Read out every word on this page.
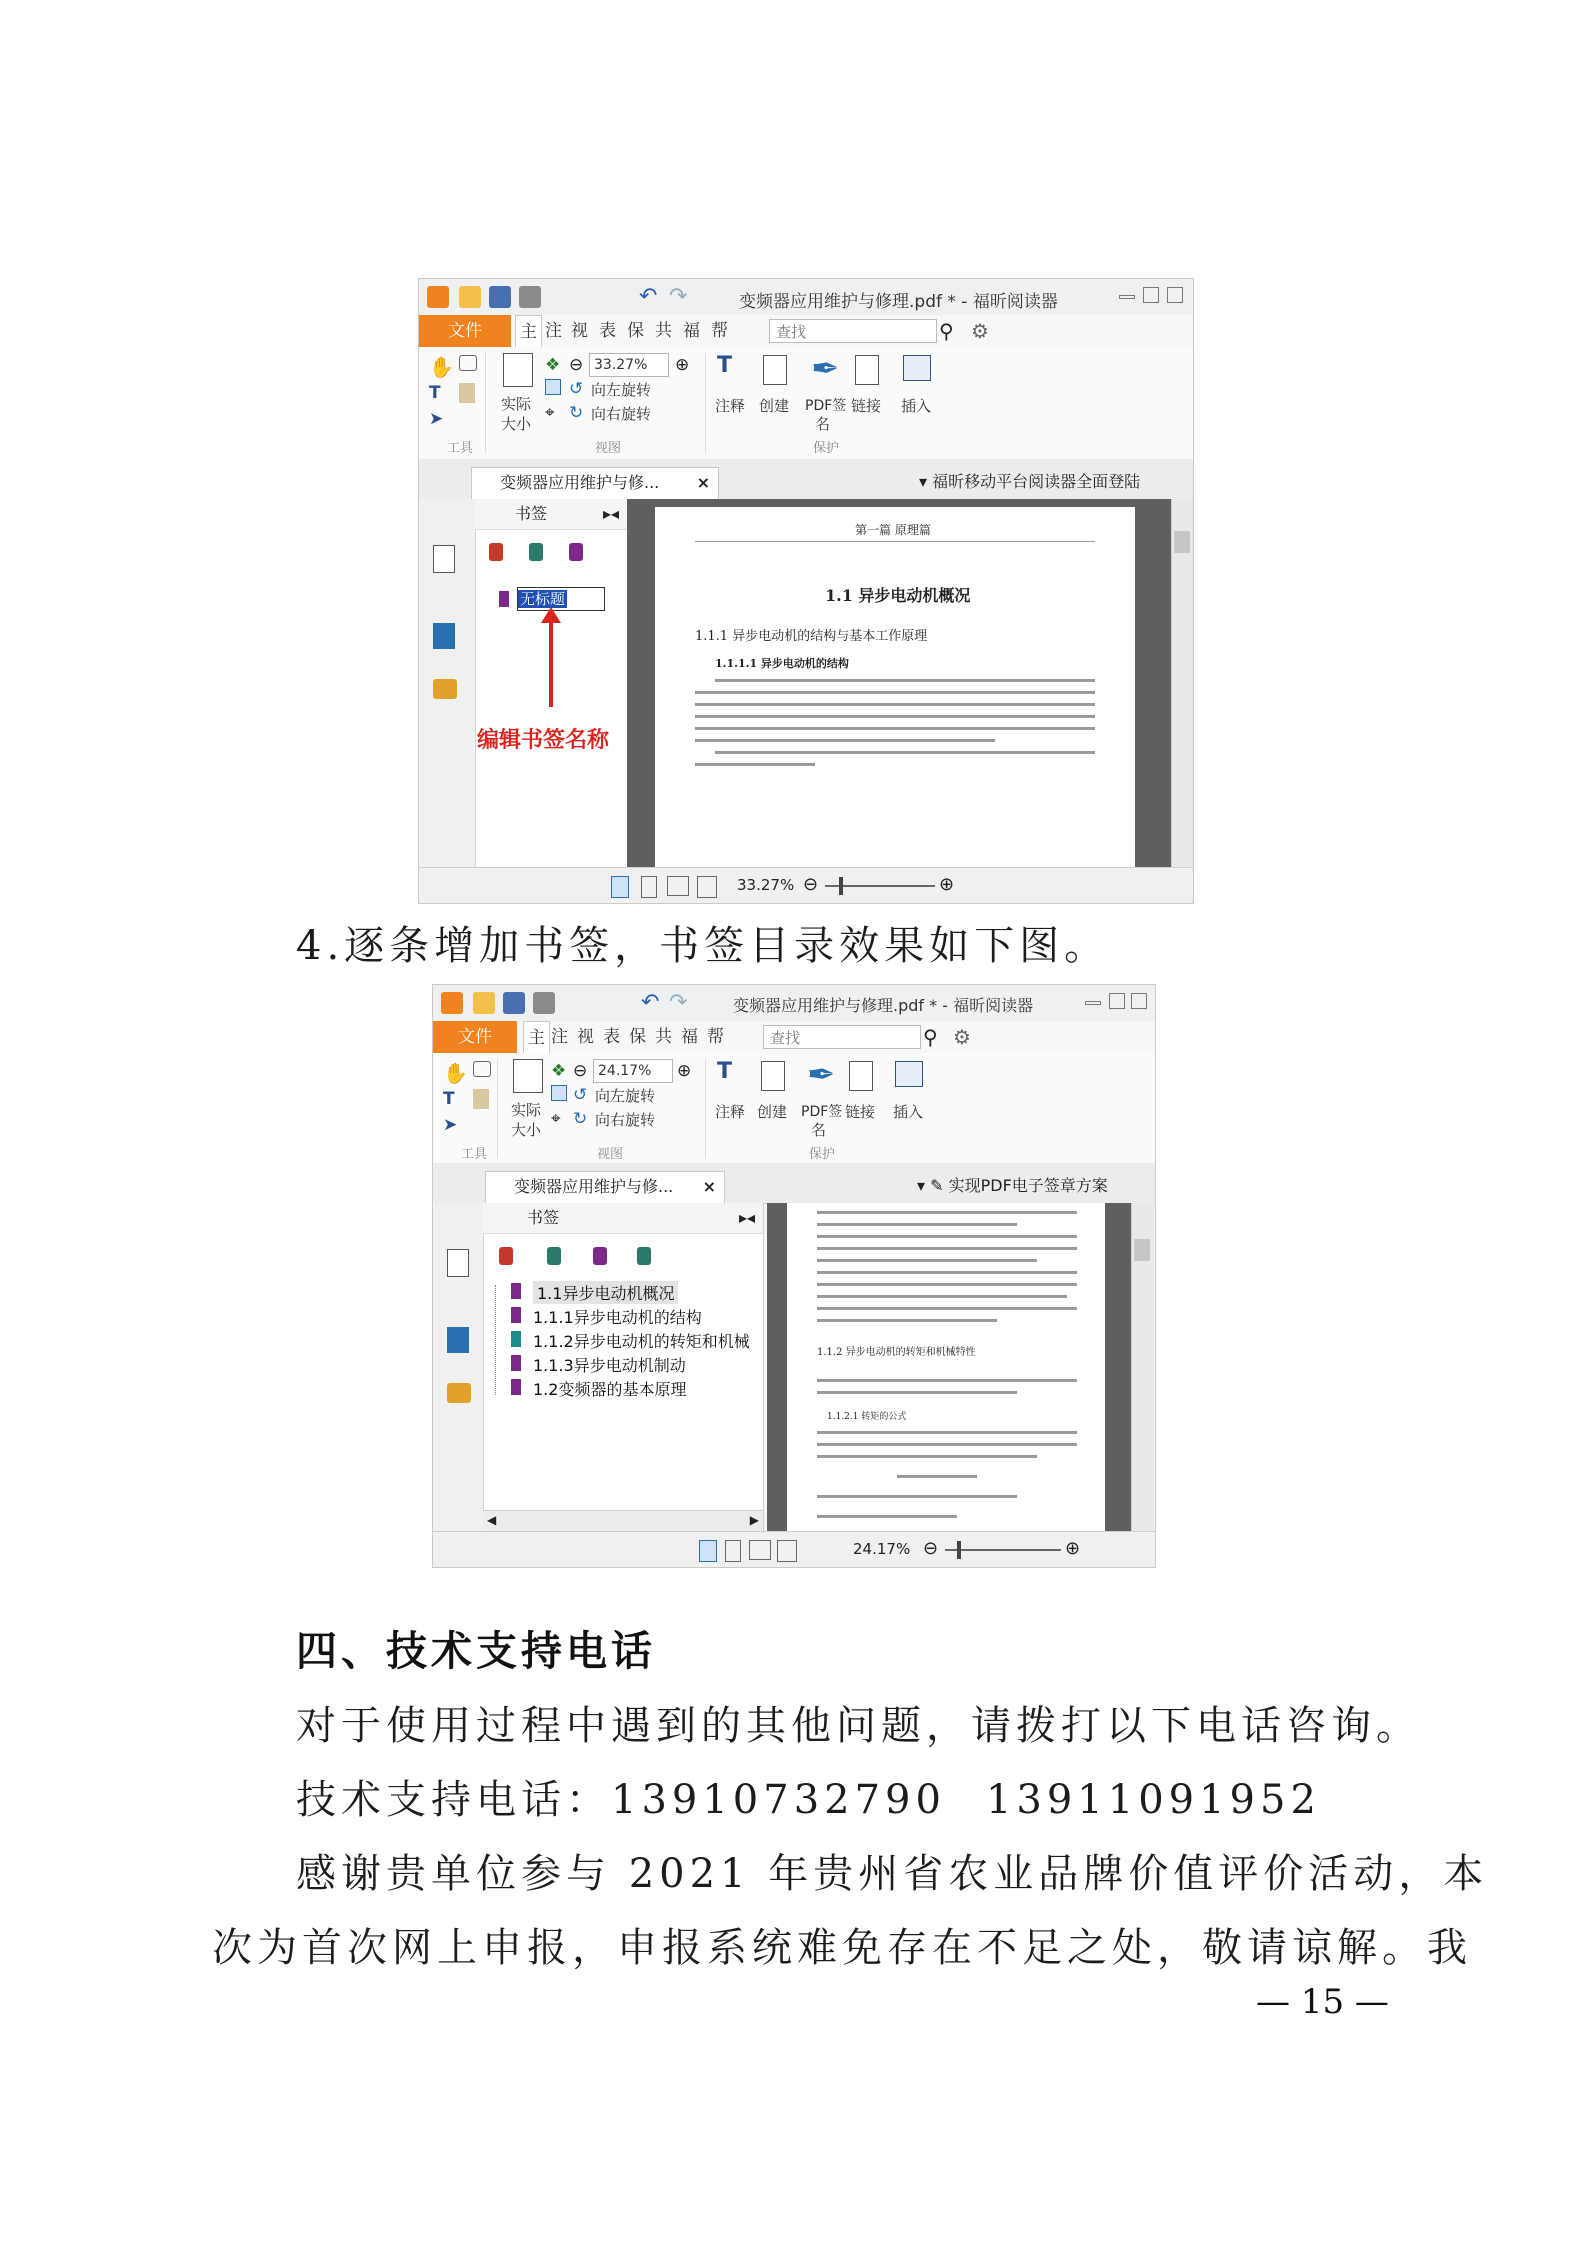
↶ ↷	变频器应用维护与修理.pdf * - 福昕阅读器
文件	主 注 视 表 保 共 福 帮	查找	⚲ ⚙
✋
T
➤
工具
实际
大小
❖ ⊖ 33.27%	⊕
↺ 向左旋转
⌖ ↻ 向右旋转
视图
T
注释 创建
✒
PDF签
名
保护
链接 插入
变频器应用维护与修... ×	▾ 福昕移动平台阅读器全面登陆
书签	▸◂
无标题
编辑书签名称
第一篇 原理篇
1.1 异步电动机概况
1.1.1 异步电动机的结构与基本工作原理
1.1.1.1 异步电动机的结构
33.27% ⊖	⊕
4.逐条增加书签，书签目录效果如下图。
↶ ↷	变频器应用维护与修理.pdf * - 福昕阅读器
文件	主 注 视 表 保 共 福 帮	查找	⚲ ⚙
✋
T
➤
工具
实际
大小
❖ ⊖ 24.17%	⊕
↺ 向左旋转
⌖ ↻ 向右旋转
视图
T
注释 创建
✒
PDF签
名
保护
链接 插入
变频器应用维护与修... ×	▾ ✎ 实现PDF电子签章方案
书签	▸◂
1.1异步电动机概况
1.1.1异步电动机的结构
1.1.2异步电动机的转矩和机械
1.1.3异步电动机制动
1.2变频器的基本原理
◀	▶
1.1.2 异步电动机的转矩和机械特性
1.1.2.1 转矩的公式
24.17% ⊖	⊕
四、技术支持电话
对于使用过程中遇到的其他问题，请拨打以下电话咨询。
技术支持电话：13910732790 13911091952
感谢贵单位参与 2021 年贵州省农业品牌价值评价活动，本
次为首次网上申报，申报系统难免存在不足之处，敬请谅解。我
— 15 —
